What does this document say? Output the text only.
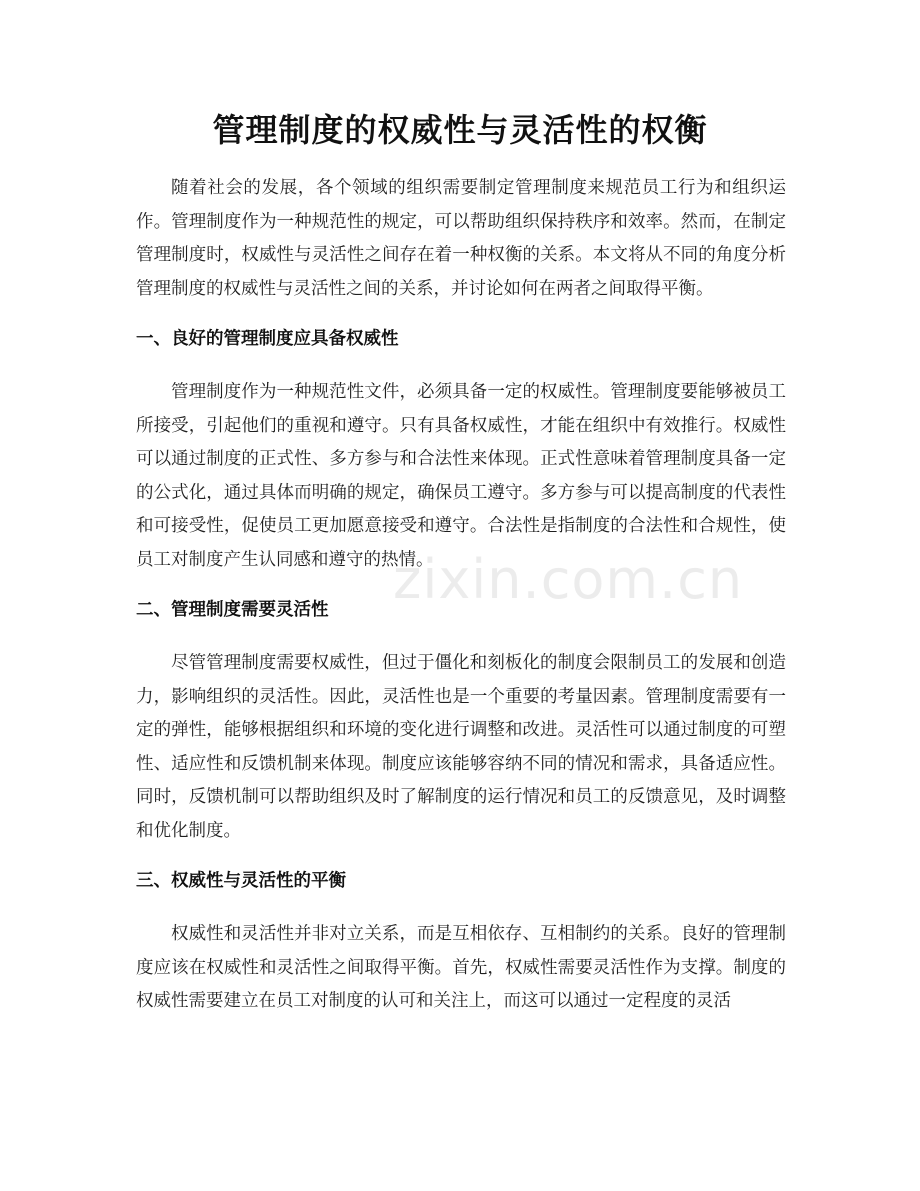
管理制度的权威性与灵活性的权衡

随着社会的发展，各个领域的组织需要制定管理制度来规范员工行为和组织运作。管理制度作为一种规范性的规定，可以帮助组织保持秩序和效率。然而，在制定管理制度时，权威性与灵活性之间存在着一种权衡的关系。本文将从不同的角度分析管理制度的权威性与灵活性之间的关系，并讨论如何在两者之间取得平衡。

一、良好的管理制度应具备权威性

管理制度作为一种规范性文件，必须具备一定的权威性。管理制度要能够被员工所接受，引起他们的重视和遵守。只有具备权威性，才能在组织中有效推行。权威性可以通过制度的正式性、多方参与和合法性来体现。正式性意味着管理制度具备一定的公式化，通过具体而明确的规定，确保员工遵守。多方参与可以提高制度的代表性和可接受性，促使员工更加愿意接受和遵守。合法性是指制度的合法性和合规性，使员工对制度产生认同感和遵守的热情。

二、管理制度需要灵活性

尽管管理制度需要权威性，但过于僵化和刻板化的制度会限制员工的发展和创造力，影响组织的灵活性。因此，灵活性也是一个重要的考量因素。管理制度需要有一定的弹性，能够根据组织和环境的变化进行调整和改进。灵活性可以通过制度的可塑性、适应性和反馈机制来体现。制度应该能够容纳不同的情况和需求，具备适应性。同时，反馈机制可以帮助组织及时了解制度的运行情况和员工的反馈意见，及时调整和优化制度。

三、权威性与灵活性的平衡

权威性和灵活性并非对立关系，而是互相依存、互相制约的关系。良好的管理制度应该在权威性和灵活性之间取得平衡。首先，权威性需要灵活性作为支撑。制度的权威性需要建立在员工对制度的认可和关注上，而这可以通过一定程度的灵活

zixin.com.cn
